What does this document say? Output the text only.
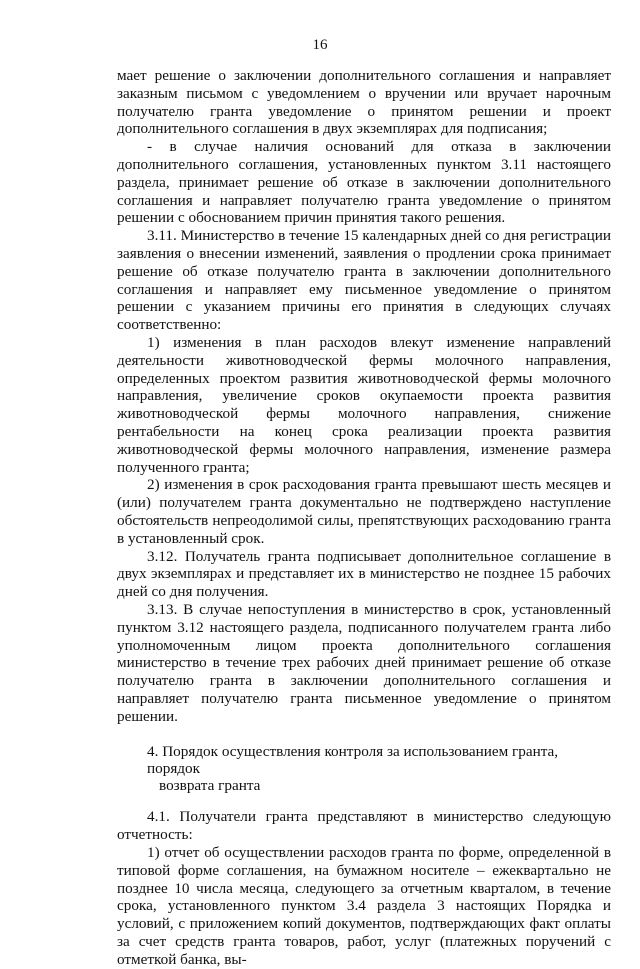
16

мает решение о заключении дополнительного соглашения и направляет заказным письмом с уведомлением о вручении или вручает нарочным получателю гранта уведомление о принятом решении и проект дополнительного соглашения в двух экземплярах для подписания;

- в случае наличия оснований для отказа в заключении дополнительного соглашения, установленных пунктом 3.11 настоящего раздела, принимает решение об отказе в заключении дополнительного соглашения и направляет получателю гранта уведомление о принятом решении с обоснованием причин принятия такого решения.

3.11. Министерство в течение 15 календарных дней со дня регистрации заявления о внесении изменений, заявления о продлении срока принимает решение об отказе получателю гранта в заключении дополнительного соглашения и направляет ему письменное уведомление о принятом решении с указанием причины его принятия в следующих случаях соответственно:

1) изменения в план расходов влекут изменение направлений деятельности животноводческой фермы молочного направления, определенных проектом развития животноводческой фермы молочного направления, увеличение сроков окупаемости проекта развития животноводческой фермы молочного направления, снижение рентабельности на конец срока реализации проекта развития животноводческой фермы молочного направления, изменение размера полученного гранта;

2) изменения в срок расходования гранта превышают шесть месяцев и (или) получателем гранта документально не подтверждено наступление обстоятельств непреодолимой силы, препятствующих расходованию гранта в установленный срок.

3.12. Получатель гранта подписывает дополнительное соглашение в двух экземплярах и представляет их в министерство не позднее 15 рабочих дней со дня получения.

3.13. В случае непоступления в министерство в срок, установленный пунктом 3.12 настоящего раздела, подписанного получателем гранта либо уполномоченным лицом проекта дополнительного соглашения министерство в течение трех рабочих дней принимает решение об отказе получателю гранта в заключении дополнительного соглашения и направляет получателю гранта письменное уведомление о принятом решении.

4. Порядок осуществления контроля за использованием гранта, порядок
возврата гранта

4.1. Получатели гранта представляют в министерство следующую отчетность:

1) отчет об осуществлении расходов гранта по форме, определенной в типовой форме соглашения, на бумажном носителе – ежеквартально не позднее 10 числа месяца, следующего за отчетным кварталом, в течение срока, установленного пунктом 3.4 раздела 3 настоящих Порядка и условий, с приложением копий документов, подтверждающих факт оплаты за счет средств гранта товаров, работ, услуг (платежных поручений с отметкой банка, вы-
